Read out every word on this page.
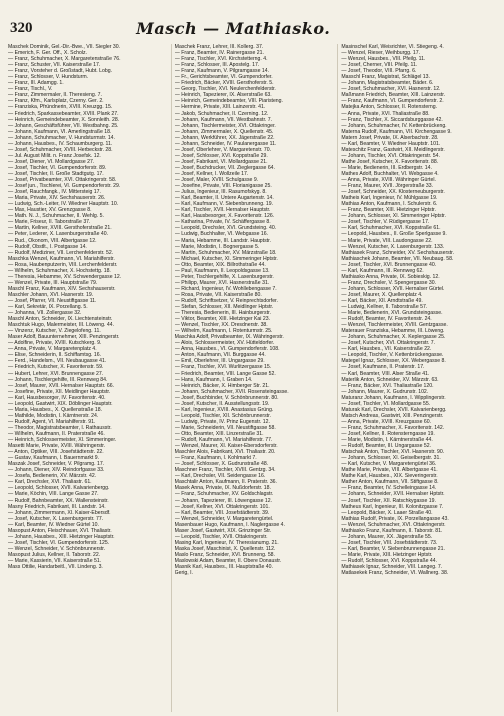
320	Masch — Mathiasko.

Maschek Dominik, Gel.-Dir.-Bwe., VII. Siegler 30.

— Emerich, F. Ger. Off., X. Scholz.

— Franz, Schuhmacher, X. Margaretenstraße 76.

— Franz, Schuster, VII. Kaiserstraße 17.

— Franz, Vorsteher d. Großstadt, Hubt. Lobg.

— Franz, Schlosser, V. Hundsturm.

— Franz, III. Adamgg. 1.

— Franz, Tischl., V.

— Franz, Zimmermaler, II. Theresieng. 7.

— Franz, Kfm., Karlsplatz, Czerny. Ger. 2.

— Franziska, Pfründnerin, XVIII. Kreuzgg. 15.

— Friedrich, Sparkassebeamter, XVIII. Plank 27.

— Heinrich, Gemeindebeamter, X. Sonnleith. 28.

— Johann, Geschäftsführer, VII. Westbahng. 25.

— Johann, Kaufmann, VI. Amerlingstraße 18.

— Johann, Schuhmacher, V. Hundsturmstr. 14.

— Johann, Hausbes., IV. Schaumburgerg. 11.

— Josef, Schuhmacher, XVIII. Herbeckstr. 28.

— Jul. August Milit. n. Franz Josefsk. 12.

— Josef, Diener, VI. Mollardgasse 27.

— Josef, Tischler, VI. Gumpendorferstr. 89.

— Josef, Tischler, II. Große Stadtgutg. 17.

— Josef, Privatbeamter, XVI. Ottakringerstr. 58.

— Josef jun., Tischlerei, VI. Gumpendorferstr. 29.

— Josef, Rauchfangk., IV. Mittersteig 17.

— Maria, Private, XIV. Sechshauserstr. 26.

— Ludwig, Sch.-Leiter, IV. Wiedner Hauptstr. 10.

— Max, Haustier, XV. Grenzgasse 8.

— Math. N. J., Schuhmacher, II. Wehlg. 5.

— Marie, Friseur, II. Taborstraße 37.

— Martin, Kellner, XVIII. Gersthoferstraße 21.

— Peter, Lederer, X. Laxenburgerstraße 40.

— Rud., Ökonom, VIII. Albertgasse 12.

— Rudolf, Obstlt., I. Postgasse 14.

— Rudolf, Mediziner, VII. Lerchenfelderstr. 52.

Maschka Wenzel, Kaufmann, VI. Mariahilferstr.

— Rosa, Haubenputzerin, VIII. Lerchenfelderstr.

— Wilhelm, Schuhmacher, X. Hochstettg. 18.

— Theresia, Hebamme, XV. Schwendergasse 12.

— Wenzel, Private, III. Hauptstraße 79.

Maschl Franz, Kaufmann, XIV. Sechshauserstr.

Maschler Johann, XVI. Hasnerstr. 19.

— Josef, Pfarrer, VII. Neustiftgasse 11.

— Karl, Sekretär, IX. Porzellang. 5.

— Johanna, VII. Zollergasse 32.

Maschl Anton, Schneider, IX. Liechtensteinstr.

Maschtuk Hugo, Malermeister, III. Löweng. 44.

— Vinzenz, Kutscher, V. Ziegelofeng. 11.

Maser Adolf, Bauunternehmer, XIII. Penzingerstr.

— Adolfine, Private, XVIII. Kutschkerg. 9.

— Anna, Private, V. Margaretenplatz 4.

— Elise, Schneiderin, II. Schiffamtsg. 16.

— Ferd., Handelsm., VII. Neubaugasse 41.

— Friedrich, Kutscher, X. Favoritenstr. 59.

— Hubert, Lehrer, XVI. Brunnengasse 27.

— Johann, Tischlergehilfe, III. Rennweg 84.

— Josef, Maurer, XVII. Hernalser Hauptstr. 66.

— Josefine, Private, XII. Meidlinger Hauptstr.

— Karl, Hausbesorger, IV. Favoritenstr. 40.

— Leopold, Gastwirt, XIX. Döblinger Hauptstr.

— Maria, Hausbes., X. Quellenstraße 18.

— Mathilde, Modistin, I. Kärntnerstr. 24.

— Rudolf, Agent, VI. Mariahilferstr. 91.

— Theodor, Magistratsbeamter, I. Rathausstr.

— Wilhelm, Kaufmann, II. Praterstraße 46.

— Heinrich, Schlossermeister, XI. Simmeringer.

Masetti Marie, Private, XVIII. Währingerstr.

— Anton, Optiker, VIII. Josefstädterstr. 22.

— Gustav, Kaufmann, I. Bauernmarkt 9.

Maszak Josef, Schneider, V. Pilgramg. 17.

— Johann, Diener, XIV. Reindorfgasse 33.

— Josefa, Bedienerin, XV. Märzstr. 42.

— Karl, Drechsler, XVI. Thaliastr. 61.

— Leopold, Schlosser, XVII. Kalvarienbergg.

— Marie, Köchin, VIII. Lange Gasse 27.

— Rudolf, Bahnbeamter, XX. Wallensteinstr.

Masny Friedrich, Fabrikant, III. Landstr. 14.

— Johann, Zimmermann, XI. Kaiser-Ebersdf.

— Josef, Kutscher, X. Laxenburgerstr. 77.

— Karl, Beamter, IV. Wiedner Gürtel 10.

Masopust Anton, Fleischhauer, XVI. Thaliastr.

— Johann, Hausbes., XIII. Hietzinger Hauptstr.

— Josef, Tischler, VI. Gumpendorferstr. 125.

— Wenzel, Schneider, V. Schönbrunnerstr.

Masopust Julius, Kellner, II. Taborstr. 22.

— Marie, Kassierin, VII. Kaiserstraße 51.

Mass Ottilie, Handarbeitl., VII. Lindeng. 3.

Maschek Franz, Lehrer, III. Kollerg. 37.

— Franz, Beamter, IV. Rainergasse 21.

— Franz, Tischler, XVI. Kirchstetterng. 4.

— Franz, Schlosser, III. Apostelg. 17.

— Franz, Kaufmann, V. Pilgramgasse 14.

— Fr., Gerichtsbeamter, VI. Gumpendorfer.

— Friedrich, Bäcker, XVIII. Gersthoferstr. 5.

— Georg, Tischler, XVI. Neulerchenfelderstr.

— Heinrich, Tapezierer, IX. Alserstraße 63.

— Heinrich, Gemeindebeamter, VIII. Piaristeng.

— Hermine, Private, XIII. Lainzerstr. 41.

— Jakob, Schuhmacher, II. Czerning. 12.

— Johann, Kaufmann, VII. Westbahnstr. 7.

— Johann, Tischlermeister, XVI. Ottakringer.

— Johann, Zimmermaler, X. Quellenstr. 45.

— Johann, Werkführer, XX. Jägerstraße 22.

— Johann, Schneider, IV. Paulanergasse 11.

— Josef, Oberlehrer, V. Margaretenstr. 70.

— Josef, Schlosser, XVI. Koppstraße 29.

— Josef, Fabrikant, VI. Mollardgasse 21.

— Josef, Buchdrucker, VII. Zieglergasse 64.

— Josef, Kellner, I. Wollzeile 17.

— Josef, Maler, XVIII. Schulgasse 9.

— Josefine, Private, VIII. Florianigasse 25.

— Julius, Ingenieur, III. Rasumofskyg. 8.

— Karl, Beamter, II. Untere Augartenstr. 14.

— Karl, Kaufmann, V. Siebenbrunneng. 19.

— Karl, Tischler, XVII. Hernalser Hauptstr.

— Karl, Hausbesorger, X. Favoritenstr. 126.

— Katharina, Private, IV. Schäffergasse 8.

— Leopold, Drechsler, XVI. Grundsteing. 40.

— Ludwig, Buchhalter, VI. Webgasse 16.

— Maria, Hebamme, III. Landstr. Hauptstr.

— Marie, Modistin, I. Bognergasse 5.

— Martin, Schuhmacher, XV. Märzstraße 18.

— Michael, Kutscher, XI. Simmeringer Hptstr.

— Otto, Beamter, XIX. Billrothstraße 44.

— Paul, Kaufmann, II. Leopoldsgasse 13.

— Peter, Tischlergehilfe, X. Laxenburgerstr.

— Philipp, Maurer, XVI. Hasnerstraße 31.

— Richard, Ingenieur, IV. Wohllebengasse 7.

— Rosa, Private, VII. Kaiserstraße 80.

— Rudolf, Schriftsetzer, V. Reinprechtsdorfer.

— Stefan, Schlosser, XII. Meidlinger Hptstr.

— Theresia, Bedienerin, III. Hainburgerstr.

— Viktor, Beamter, XIII. Hietzinger Kai 23.

— Wenzel, Tischler, XX. Dresdnerstr. 38.

— Wilhelm, Kaufmann, I. Rotenturmstr. 25.

Maschka Adolf, Privatbeamter, IX. Währingerstr.

— Alois, Schlossermeister, XV. Hütteldorfer.

— Anna, Hausbes., VI. Gumpendorferstr. 108.

— Anton, Kaufmann, VII. Burggasse 44.

— Emil, Oberlehrer, III. Ungargasse 29.

— Franz, Tischler, XVI. Wurlitzergasse 15.

— Friedrich, Beamter, VIII. Lange Gasse 52.

— Hans, Kaufmann, I. Graben 14.

— Heinrich, Bäcker, X. Himberger Str. 21.

— Johann, Schuhmacher, XVII. Rosensteingasse.

— Josef, Buchbinder, V. Schönbrunnerstr. 80.

— Josef, Kutscher, II. Ausstellungsstr. 19.

— Karl, Ingenieur, XVIII. Anastasius Grüng.

— Leopold, Tischler, XII. Schönbrunnerstr.

— Ludwig, Private, IV. Prinz Eugenstr. 12.

— Marie, Schneiderin, VII. Neustiftgasse 58.

— Otto, Beamter, XIII. Linzerstraße 31.

— Rudolf, Kaufmann, VI. Mariahilferstr. 77.

— Wenzel, Maurer, XI. Kaiser-Ebersdorferstr.

Maschler Alois, Fabrikant, XVI. Thaliastr. 20.

— Franz, Kaufmann, I. Kohlmarkt 7.

— Josef, Schlosser, X. Gudrunstraße 48.

Maschner Franz, Tischler, XVIII. Gentzg. 34.

— Karl, Drechsler, VII. Seidengasse 16.

Maschtalir Anton, Kaufmann, II. Praterstr. 36.

Masek Anna, Private, IX. Nußdorferstr. 18.

— Franz, Schuhmacher, XV. Goldschlagstr.

— Johann, Tapezierer, III. Löwengasse 12.

— Josef, Kellner, XVI. Ottakringerstr. 101.

— Karl, Beamter, VIII. Josefstädterstr. 39.

— Wenzel, Schneider, V. Margaretengürtel.

Masenbauer Hugo, Kaufmann, I. Naglergasse 4.

Maser Josef, Gastwirt, XIX. Grinzinger Str.

— Leopold, Tischler, XVII. Ottakringerstr.

Masing Karl, Ingenieur, IV. Theresianumg. 21.

Maska Josef, Maschinist, X. Quellenstr. 112.

Maslo Franz, Schneider, XVI. Brunneng. 58.

Maslowski Adam, Beamter, II. Obere Donaustr.

Masnik Karl, Hausbes., III. Hauptstraße 40.

Gerig, I.

Masinschel Karl, Weisrichter, VI. Stiegeng. 4.

— Wenzel, Rieser, Weihburgg. 17.

— Wenzel, Hausbes., VIII. Pfeilg. 11.

— Josef, Cherner, VIII. Pfeilg. 11.

— Josef, Theodor, VIII. Pfarrg. 6.

Masschl Franz, Magistrat, Schlägel 13.

— Johann, Magistratsbeamter, Bäder. 6.

— Josef, Schuhmacher, XVI. Hasnerstr. 12.

Maßmann Friedrich, Beamter, XIII. Lainzerstr.

— Franz, Kaufmann, VI. Gumpendorferstr. 2.

Matejka Anton, Schlosser, II. Rotensterng.

— Anna, Private, XVI. Thaliastraße 88.

— Franz, Tischler, X. Siccardsburggasse 42.

— Johann, Schuhmacher, IV. Kettenbrückeng.

Materna Rudolf, Kaufmann, VII. Kirchengasse 9.

Matern Josef, Private, IX. Alserbachstr. 28.

— Karl, Beamter, V. Wiedner Hauptstr. 101.

Mateschitz Franz, Gastwirt, XII. Meidlingerstr.

— Johann, Tischler, XVI. Ottakringerstr. 54.

Mathe Josef, Kutscher, X. Favoritenstr. 88.

— Marie, Bedienerin, III. Erdbergstr. 14.

Mathes Adolf, Buchhalter, VI. Webgasse 4.

— Anna, Private, XVIII. Währinger Gürtel.

— Franz, Maurer, XVII. Jörgerstraße 33.

— Josef, Schneider, XX. Klosterneuburgerstr.

Matheis Karl, Ingenieur, IV. Mühlgasse 19.

Mathias Anton, Kaufmann, I. Schulerstr. 6.

— Franz, Beamter, XIII. Hietzinger Hptstr.

— Johann, Schlosser, XI. Simmeringer Hptstr.

— Josef, Tischler, V. Rüdigergasse 17.

— Karl, Schuhmacher, XVI. Koppstraße 61.

— Leopold, Hausbes., II. Große Sperlgasse 9.

— Marie, Private, VIII. Laudongasse 22.

— Wenzel, Kutscher, X. Laxenburgerstr. 133.

Mathiasek Franz, Schneider, XV. Sechshauserstr.

Mathiaschek Johann, Beamter, VII. Neubaug. 58.

— Josef, Tischler, XVI. Brunnengasse 40.

— Karl, Kaufmann, III. Rennweg 62.

Mathiasko Anna, Private, IX. Sobieskig. 12.

— Franz, Drechsler, V. Spengergasse 30.

— Johann, Schlosser, XVII. Hernalser Gürtel.

— Josef, Maurer, X. Quellenplatz 4.

— Karl, Bäcker, XII. Arndtstraße 49.

— Ludwig, Kellner, II. Taborstraße 57.

— Marie, Bedienerin, XVI. Grundsteingasse.

— Rudolf, Beamter, IV. Favoritenstr. 24.

— Wenzel, Tischlermeister, XVIII. Gentzgasse.

Materauer Franziska, Hebamme, III. Löweng.

— Johann, Schuhmacher, X. Keplergasse 25.

— Josef, Kutscher, XVI. Ottakringerstr. 7.

— Karl, Hausbes., VII. Kaiserstraße 22.

— Leopold, Tischler, V. Kettenbrückengasse.

Mategel Ignaz, Schlosser, XX. Webergasse 8.

— Josef, Kaufmann, II. Praterstr. 17.

— Karl, Beamter, VIII. Alser Straße 41.

Materlik Anton, Schneider, XV. Märzstr. 63.

— Franz, Bäcker, XVI. Thaliastraße 120.

— Johann, Maurer, X. Gudrunstr. 102.

Maturanz Johann, Kaufmann, I. Wipplingerstr.

— Josef, Tischler, VI. Mollardgasse 55.

Maturak Karl, Drechsler, XVII. Kalvarienbergg.

Matsch Andreas, Gastwirt, XIII. Penzingerstr.

— Anna, Private, XVIII. Kreuzgasse 60.

— Franz, Schuhmacher, X. Favoritenstr. 142.

— Josef, Kellner, II. Rotensterngasse 19.

— Marie, Modistin, I. Kärntnerstraße 44.

— Rudolf, Beamter, III. Ungargasse 52.

Matschak Anton, Tischler, XVI. Hasnerstr. 90.

— Johann, Schlosser, XI. Geiselbergstr. 31.

— Karl, Kutscher, V. Margaretengürtel 36.

Mathe Marie, Private, VIII. Albertgasse 41.

Mathe Karl, Hausbes., XIX. Sieveringerstr.

Mather Anton, Kaufmann, VII. Stiftgasse 8.

— Franz, Beamter, IV. Schelleingasse 14.

— Johann, Schneider, XVII. Hernalser Hptstr.

— Josef, Tischler, XII. Ratschkygasse 19.

Matheus Karl, Ingenieur, III. Kolonitzgasse 7.

— Leopold, Bäcker, X. Laaer Straße 40.

Mathias Rudolf, Private, IX. Porzellangasse 43.

— Wenzel, Schuhmacher, XVI. Ottakringerstr.

Mathiasko Franz, Kaufmann, II. Taborstr. 81.

— Johann, Maurer, XX. Jägerstraße 55.

— Josef, Tischler, VIII. Josefstädterstr. 73.

— Karl, Beamter, V. Siebenbrunnengasse 21.

— Marie, Private, XIII. Hietzinger Hptstr.

— Rudolf, Schlosser, XVI. Koppstraße 44.

Mathiasek Ignaz, Schneider, VIII. Langeg. 7.

Matlasekek Franz, Schneider, VI. Wallnerg. 38.
